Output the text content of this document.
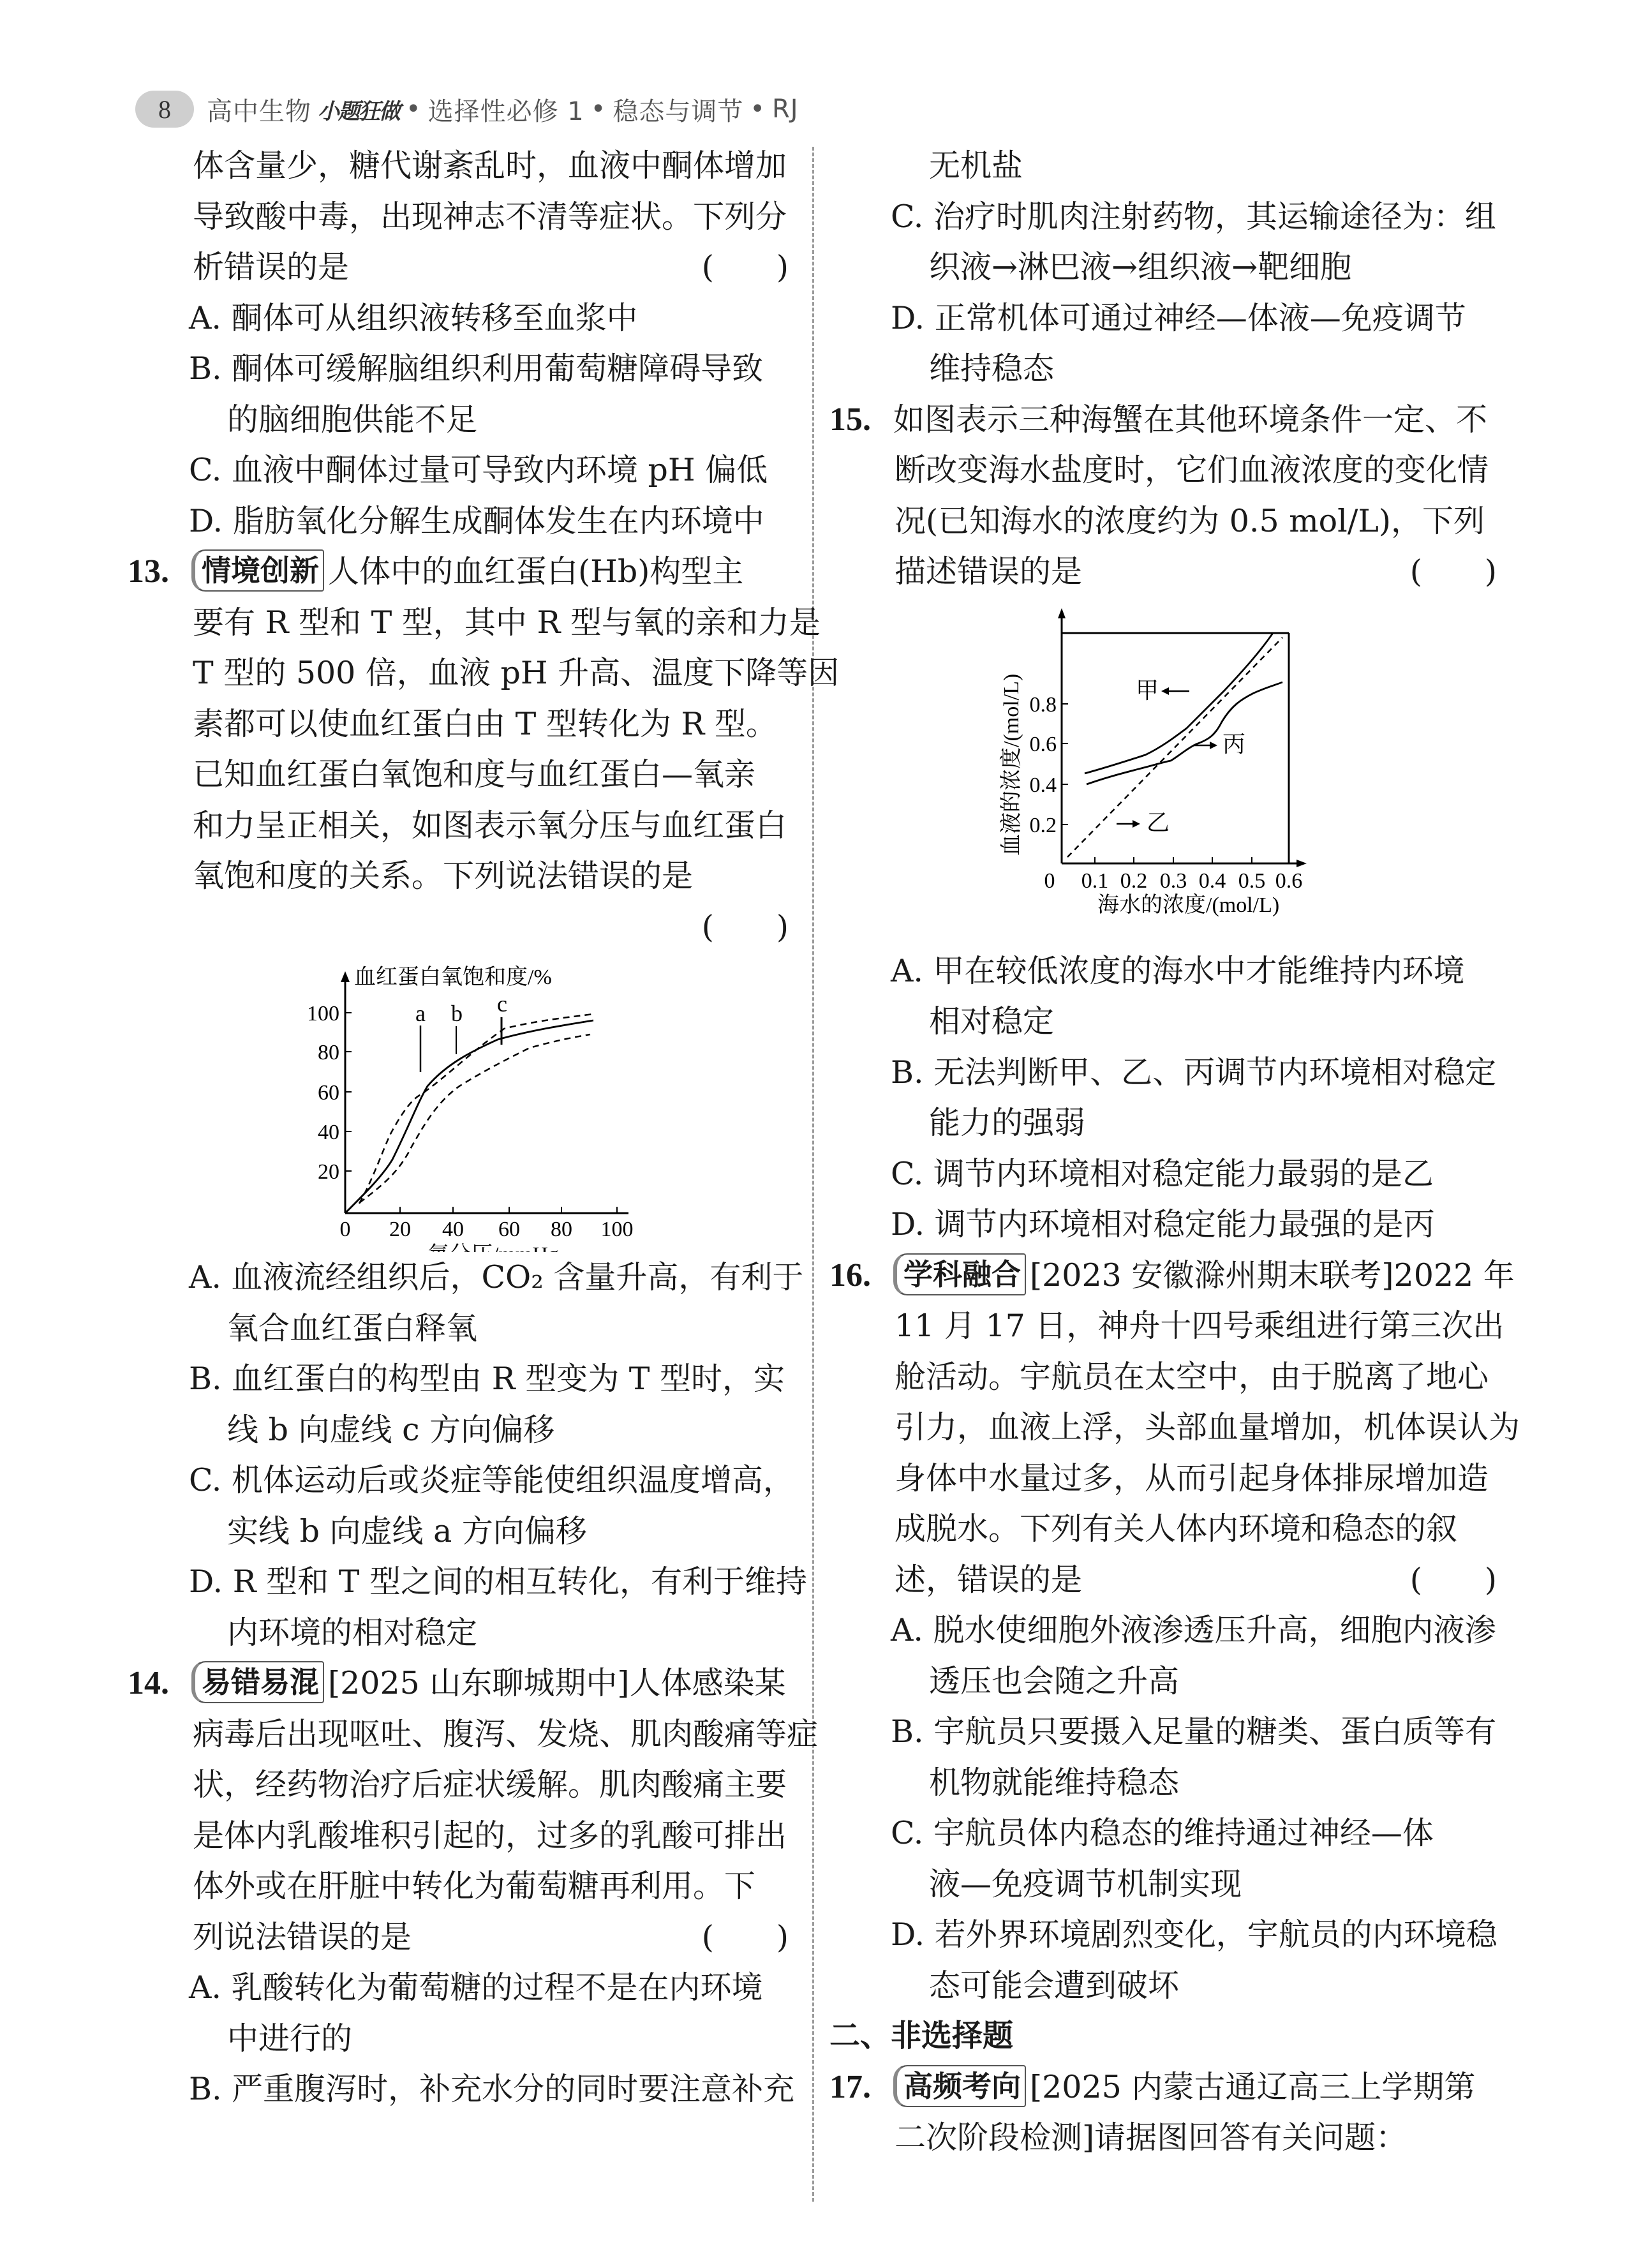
8	高中生物 小题狂做 • 选择性必修 1 • 稳态与调节 • RJ
体含量少，糖代谢紊乱时，血液中酮体增加
导致酸中毒，出现神志不清等症状。下列分
析错误的是	(　　)
A. 酮体可从组织液转移至血浆中
B. 酮体可缓解脑组织利用葡萄糖障碍导致
的脑细胞供能不足
C. 血液中酮体过量可导致内环境 pH 偏低
D. 脂肪氧化分解生成酮体发生在内环境中
13. 情境创新 人体中的血红蛋白(Hb)构型主
要有 R 型和 T 型，其中 R 型与氧的亲和力是
T 型的 500 倍，血液 pH 升高、温度下降等因
素都可以使血红蛋白由 T 型转化为 R 型。
已知血红蛋白氧饱和度与血红蛋白—氧亲
和力呈正相关，如图表示氧分压与血红蛋白
氧饱和度的关系。下列说法错误的是
(　　)
20
40
60
80
100
0 20 40 60 80 100
a b c
血红蛋白氧饱和度/%
A. 血液流经组织后，CO₂ 含量升高，有利于
氧合血红蛋白释氧
B. 血红蛋白的构型由 R 型变为 T 型时，实
线 b 向虚线 c 方向偏移
C. 机体运动后或炎症等能使组织温度增高，
实线 b 向虚线 a 方向偏移
D. R 型和 T 型之间的相互转化，有利于维持
内环境的相对稳定
14. 易错易混 [2025 山东聊城期中]人体感染某
病毒后出现呕吐、腹泻、发烧、肌肉酸痛等症
状，经药物治疗后症状缓解。肌肉酸痛主要
是体内乳酸堆积引起的，过多的乳酸可排出
体外或在肝脏中转化为葡萄糖再利用。下
列说法错误的是	(　　)
A. 乳酸转化为葡萄糖的过程不是在内环境
中进行的
B. 严重腹泻时，补充水分的同时要注意补充
无机盐
C. 治疗时肌肉注射药物，其运输途径为：组
织液→淋巴液→组织液→靶细胞
D. 正常机体可通过神经—体液—免疫调节
维持稳态
15. 如图表示三种海蟹在其他环境条件一定、不
断改变海水盐度时，它们血液浓度的变化情
况(已知海水的浓度约为 0.5 mol/L)，下列
描述错误的是	(　　)
0.2
0.4
0.6
0.8
0 0.1 0.2 0.3 0.4 0.5 0.6
甲
丙
乙
海水的浓度/(mol/L)
血液的浓度/(mol/L)
A. 甲在较低浓度的海水中才能维持内环境
相对稳定
B. 无法判断甲、乙、丙调节内环境相对稳定
能力的强弱
C. 调节内环境相对稳定能力最弱的是乙
D. 调节内环境相对稳定能力最强的是丙
16. 学科融合 [2023 安徽滁州期末联考]2022 年
11 月 17 日，神舟十四号乘组进行第三次出
舱活动。宇航员在太空中，由于脱离了地心
引力，血液上浮，头部血量增加，机体误认为
身体中水量过多，从而引起身体排尿增加造
成脱水。下列有关人体内环境和稳态的叙
述，错误的是	(　　)
A. 脱水使细胞外液渗透压升高，细胞内液渗
透压也会随之升高
B. 宇航员只要摄入足量的糖类、蛋白质等有
机物就能维持稳态
C. 宇航员体内稳态的维持通过神经—体
液—免疫调节机制实现
D. 若外界环境剧烈变化，宇航员的内环境稳
态可能会遭到破坏
二、非选择题
17. 高频考向 [2025 内蒙古通辽高三上学期第
二次阶段检测]请据图回答有关问题：
